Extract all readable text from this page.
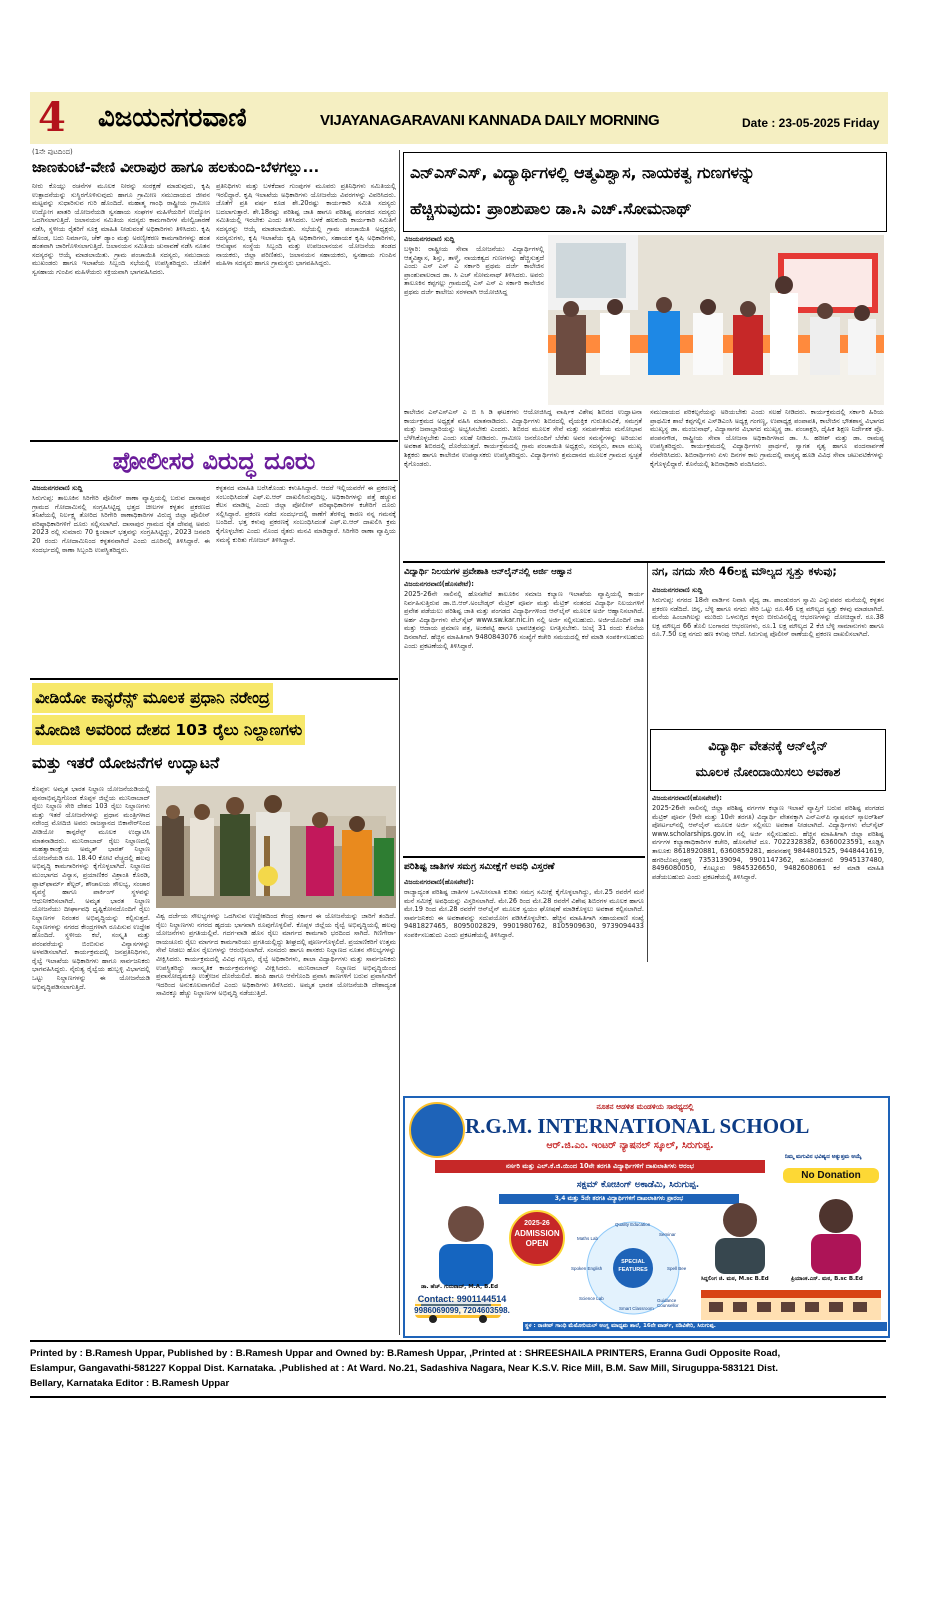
4 ವಿಜಯನಗರವಾಣಿ	VIJAYANAGARAVANI KANNADA DAILY MORNING	Date : 23-05-2025 Friday
(1ನೇ ಪುಟದಿಂದ)
ಜಾಣಕುಂಟೆ-ವೇಣಿ ವೀರಾಪುರ ಹಾಗೂ ಹಲಕುಂದಿ-ಬೆಳಗಲ್ಲು...
ನೀರು ಕೊಯ್ಲು ರಚನೆಗಳ ಮೂಲಕ ನೀರನ್ನು ಸಂರಕ್ಷಣೆ ಮಾಡುವುದು, ಕೃಷಿ ಉತ್ಪಾದನೆಯನ್ನು ಸುಸ್ಥಿರಗೊಳಿಸುವುದು ಹಾಗೂ ಗ್ರಾಮೀಣ ಸಮುದಾಯದ ಜೀವನ ಮಟ್ಟವನ್ನು ಸುಧಾರಿಸುವ ಗುರಿ ಹೊಂದಿದೆ. ಮಹಾತ್ಮ ಗಾಂಧಿ ರಾಷ್ಟ್ರೀಯ ಗ್ರಾಮೀಣ ಉದ್ಯೋಗ ಖಾತರಿ ಯೋಜನೆಯಡಿ ಸ್ವಸಹಾಯ ಸಂಘಗಳ ಮಹಿಳೆಯರಿಗೆ ಉದ್ಯೋಗ ಒದಗಿಸಲಾಗುತ್ತಿದೆ. ಜಲಾನಯನ ಸಮಿತಿಯ ಸದಸ್ಯರು ಕಾಮಗಾರಿಗಳ ಮೇಲ್ವಿಚಾರಣೆ ನಡೆಸಿ, ಸ್ಥಳೀಯ ರೈತರಿಗೆ ಸೂಕ್ತ ಮಾಹಿತಿ ನೀಡುವಂತೆ ಅಧಿಕಾರಿಗಳು ತಿಳಿಸಿದರು. ಕೃಷಿ ಹೊಂಡ, ಬದು ನಿರ್ಮಾಣ, ಚೆಕ್ ಡ್ಯಾಂ ಮತ್ತು ಅರಣ್ಯೀಕರಣ ಕಾಮಗಾರಿಗಳನ್ನು ಹಂತ ಹಂತವಾಗಿ ಜಾರಿಗೊಳಿಸಲಾಗುತ್ತಿದೆ. ಜಲಾನಯನ ಸಮಿತಿಯ ಚುನಾವಣೆ ನಡೆಸಿ ನೂತನ ಸದಸ್ಯರನ್ನು ಆಯ್ಕೆ ಮಾಡಲಾಯಿತು. ಗ್ರಾಮ ಪಂಚಾಯಿತಿ ಸದಸ್ಯರು, ಸಮುದಾಯ ಮುಖಂಡರು ಹಾಗೂ ಇಲಾಖೆಯ ಸಿಬ್ಬಂದಿ ಸಭೆಯಲ್ಲಿ ಉಪಸ್ಥಿತರಿದ್ದರು. ಜೊತೆಗೆ ಸ್ವಸಹಾಯ ಗುಂಪಿನ ಮಹಿಳೆಯರು ಸಕ್ರಿಯವಾಗಿ ಭಾಗವಹಿಸಿದರು.
ಪ್ರತಿನಿಧಿಗಳು ಮತ್ತು ಬಳಕೆದಾರ ಗುಂಪುಗಳ ಮೂವರು ಪ್ರತಿನಿಧಿಗಳು ಸಮಿತಿಯಲ್ಲಿ ಇರಲಿದ್ದಾರೆ. ಕೃಷಿ ಇಲಾಖೆಯ ಅಧಿಕಾರಿಗಳು ಯೋಜನೆಯ ವಿವರಗಳನ್ನು ವಿವರಿಸಿದರು. ಜೊತೆಗೆ ಪ್ರತಿ ವರ್ಷ ಕೂಡ ಶೇ.20ರಷ್ಟು ಕಾರ್ಯಕಾರಿ ಸಮಿತಿ ಸದಸ್ಯರು ಬದಲಾಗುತ್ತಾರೆ. ಶೇ.18ರಷ್ಟು ಪರಿಶಿಷ್ಟ ಜಾತಿ ಹಾಗೂ ಪರಿಶಿಷ್ಟ ಪಂಗಡದ ಸದಸ್ಯರು ಸಮಿತಿಯಲ್ಲಿ ಇರಬೇಕು ಎಂದು ತಿಳಿಸಿದರು. ಬಳಕೆ ಹಲಕುಂದಿ ಕಾರ್ಯಕಾರಿ ಸಮಿತಿಗೆ ಸದಸ್ಯರನ್ನು ಆಯ್ಕೆ ಮಾಡಲಾಯಿತು. ಸಭೆಯಲ್ಲಿ ಗ್ರಾಮ ಪಂಚಾಯಿತಿ ಅಧ್ಯಕ್ಷರು, ಸದಸ್ಯರುಗಳು, ಕೃಷಿ ಇಲಾಖೆಯ ಕೃಷಿ ಅಧಿಕಾರಿಗಳು, ಸಹಾಯಕ ಕೃಷಿ ಅಧಿಕಾರಿಗಳು, ಆನುಷ್ಠಾನ ಸಂಸ್ಥೆಯ ಸಿಬ್ಬಂದಿ ಮತ್ತು ಉಪಜಲಾನಯನ ಯೋಜನೆಯ ತಂಡದ ನಾಯಕರು, ಜಿಲ್ಲಾ ಪರಿಣಿತರು, ಜಲಾನಯನ ಸಹಾಯಕರು, ಸ್ವಸಹಾಯ ಗುಂಪಿನ ಮಹಿಳಾ ಸದಸ್ಯರು ಹಾಗೂ ಗ್ರಾಮಸ್ಥರು ಭಾಗವಹಿಸಿದ್ದರು.
ಪೋಲೀಸರ ವಿರುದ್ಧ ದೂರು
ವಿಜಯನಗರವಾಣಿ ಸುದ್ದಿ
ಸಿರುಗುಪ್ಪ: ತಾಲೂಕಿನ ಸಿರಿಗೇರಿ ಪೊಲೀಸ್ ಠಾಣಾ ವ್ಯಾಪ್ತಿಯಲ್ಲಿ ಬರುವ ದಾಸಾಪುರ ಗ್ರಾಮದ ಗೋದಾಮಿನಲ್ಲಿ ಸಂಗ್ರಹಿಸಿಟ್ಟಿದ್ದ ಭತ್ತದ ಚೀಲಗಳ ಕಳ್ಳತನ ಪ್ರಕರಣದ ತನಿಖೆಯಲ್ಲಿ ನಿರ್ಲಕ್ಷ್ಯ ತೋರಿದ ಸಿರಿಗೇರಿ ಠಾಣಾಧಿಕಾರಿಗಳ ವಿರುದ್ಧ ಜಿಲ್ಲಾ ಪೊಲೀಸ್ ವರಿಷ್ಠಾಧಿಕಾರಿಗಳಿಗೆ ದೂರು ಸಲ್ಲಿಸಲಾಗಿದೆ. ದಾಸಾಪುರ ಗ್ರಾಮದ ರೈತ ದೇವಪ್ಪ ಅವರು 2023 ರಲ್ಲಿ ಸುಮಾರು 70 ಕ್ವಿಂಟಾಲ್ ಭತ್ತವನ್ನು ಸಂಗ್ರಹಿಸಿಟ್ಟಿದ್ದು, 2023 ಜನವರಿ 20 ರಂದು ಗೋದಾಮಿನಿಂದ ಕಳ್ಳತನವಾಗಿದೆ ಎಂದು ದೂರಿನಲ್ಲಿ ತಿಳಿಸಿದ್ದಾರೆ. ಈ ಸಂದರ್ಭದಲ್ಲಿ ಠಾಣಾ ಸಿಬ್ಬಂದಿ ಉಪಸ್ಥಿತರಿದ್ದರು.
ಕಳ್ಳತನದ ಮಾಹಿತಿ ಬರೆಸಿಕೊಂಡು ಕಳುಹಿಸಿದ್ದಾರೆ. ಆದರೆ ಇಲ್ಲಿಯವರೆಗೆ ಈ ಪ್ರಕರಣಕ್ಕೆ ಸಂಬಂಧಿಸಿದಂತೆ ಎಫ್.ಐ.ಆರ್ ದಾಖಲಿಸಿರುವುದಿಲ್ಲ. ಅಧಿಕಾರಿಗಳನ್ನು ಪತ್ತೆ ಹಚ್ಚುವ ಕೆಲಸ ಮಾಡಿಲ್ಲ ಎಂದು ಜಿಲ್ಲಾ ಪೋಲೀಸ್ ವರಿಷ್ಠಾಧಿಕಾರಿಗಳ ಕಚೇರಿಗೆ ದೂರು ಸಲ್ಲಿಸಿದ್ದಾರೆ. ಪ್ರಕರಣ ನಡೆದ ಸಂದರ್ಭದಲ್ಲಿ ಠಾಣೆಗೆ ತೆರಳಿದ್ದ ಕಾರಣ ನನ್ನ ಗಮನಕ್ಕೆ ಬಂದಿದೆ. ಭತ್ತ ಕಳುವು ಪ್ರಕರಣಕ್ಕೆ ಸಂಬಂಧಿಸಿದಂತೆ ಎಫ್.ಐ.ಆರ್ ದಾಖಲಿಸಿ ಕ್ರಮ ಕೈಗೊಳ್ಳಬೇಕು ಎಂದು ನೊಂದ ರೈತರು ಮನವಿ ಮಾಡಿದ್ದಾರೆ. ಸಿರಿಗೇರಿ ಠಾಣಾ ವ್ಯಾಪ್ತಿಯ ಸಮಸ್ಯೆ ಕುರಿತು ಗೋಜಲ್ ತಿಳಿಸಿದ್ದಾರೆ.
ವೀಡಿಯೋ ಕಾನ್ಫರೆನ್ಸ್ ಮೂಲಕ ಪ್ರಧಾನಿ ನರೇಂದ್ರ
ಮೋದಿಜಿ ಅವರಿಂದ ದೇಶದ 103 ರೈಲು ನಿಲ್ದಾಣಗಳು
ಮತ್ತು ಇತರೆ ಯೋಜನೆಗಳ ಉದ್ಘಾಟನೆ
ಕೊಪ್ಪಳ: ಅಮೃತ ಭಾರತ ನಿಲ್ದಾಣ ಯೋಜನೆಯಡಿಯಲ್ಲಿ ಪುನರಾಭಿವೃದ್ಧಿಗೊಂಡ ಕೊಪ್ಪಳ ಜಿಲ್ಲೆಯ ಮುನಿರಾಬಾದ್ ರೈಲು ನಿಲ್ದಾಣ ಸೇರಿ ದೇಶದ 103 ರೈಲು ನಿಲ್ದಾಣಗಳು ಮತ್ತು ಇತರೆ ಯೋಜನೆಗಳನ್ನು ಪ್ರಧಾನ ಮಂತ್ರಿಗಳಾದ ನರೇಂದ್ರ ಮೋದಿಜಿ ಅವರು ರಾಜಸ್ಥಾನದ ಬಿಕಾನೇರ್‌ನಿಂದ ವೀಡಿಯೋ ಕಾನ್ಫರೆನ್ಸ್ ಮೂಲಕ ಉದ್ಘಾಟಿಸಿ ಮಾತನಾಡಿದರು. ಮುನಿರಾಬಾದ್ ರೈಲು ನಿಲ್ದಾಣದಲ್ಲಿ ಮಹತ್ವಾಕಾಂಕ್ಷೆಯ ಅಮೃತ್ ಭಾರತ್ ನಿಲ್ದಾಣ ಯೋಜನೆಯಡಿ ರೂ. 18.40 ಕೋಟಿ ವೆಚ್ಚದಲ್ಲಿ ಹಲವು ಅಭಿವೃದ್ಧಿ ಕಾಮಗಾರಿಗಳನ್ನು ಕೈಗೊಳ್ಳಲಾಗಿದೆ. ನಿಲ್ದಾಣದ ಮುಂಭಾಗದ ವಿನ್ಯಾಸ, ಪ್ರಯಾಣಿಕರ ವಿಶ್ರಾಂತಿ ಕೊಠಡಿ, ಪ್ಲಾಟ್‌ಫಾರ್ಮ್ ಶೆಲ್ಟರ್, ಶೌಚಾಲಯ ಸೌಲಭ್ಯ, ಸಂಚಾರ ವ್ಯವಸ್ಥೆ ಹಾಗೂ ಪಾರ್ಕಿಂಗ್ ಸ್ಥಳವನ್ನು ಆಧುನೀಕರಿಸಲಾಗಿದೆ. ಅಮೃತ ಭಾರತ ನಿಲ್ದಾಣ ಯೋಜನೆಯು ದೀರ್ಘಾವಧಿ ದೃಷ್ಟಿಕೋನದೊಂದಿಗೆ ರೈಲು ನಿಲ್ದಾಣಗಳ ನಿರಂತರ ಅಭಿವೃದ್ಧಿಯನ್ನು ಕಲ್ಪಿಸುತ್ತದೆ. ನಿಲ್ದಾಣಗಳನ್ನು ನಗರದ ಕೇಂದ್ರಗಳಾಗಿ ರೂಪಿಸುವ ಉದ್ದೇಶ ಹೊಂದಿದೆ. ಸ್ಥಳೀಯ ಕಲೆ, ಸಂಸ್ಕೃತಿ ಮತ್ತು ಪರಂಪರೆಯನ್ನು ಬಿಂಬಿಸುವ ವಿನ್ಯಾಸಗಳನ್ನು ಅಳವಡಿಸಲಾಗಿದೆ. ಕಾರ್ಯಕ್ರಮದಲ್ಲಿ ಜನಪ್ರತಿನಿಧಿಗಳು, ರೈಲ್ವೆ ಇಲಾಖೆಯ ಅಧಿಕಾರಿಗಳು ಹಾಗೂ ಸಾರ್ವಜನಿಕರು ಭಾಗವಹಿಸಿದ್ದರು. ನೈರುತ್ಯ ರೈಲ್ವೆಯ ಹುಬ್ಬಳ್ಳಿ ವಿಭಾಗದಲ್ಲಿ ಒಟ್ಟು ನಿಲ್ದಾಣಗಳನ್ನು ಈ ಯೋಜನೆಯಡಿ ಅಭಿವೃದ್ಧಿಪಡಿಸಲಾಗುತ್ತಿದೆ.
ವಿಶ್ವ ದರ್ಜೆಯ ಸೌಲಭ್ಯಗಳನ್ನು ಒದಗಿಸುವ ಉದ್ದೇಶದಿಂದ ಕೇಂದ್ರ ಸರ್ಕಾರ ಈ ಯೋಜನೆಯನ್ನು ಜಾರಿಗೆ ತಂದಿದೆ. ರೈಲು ನಿಲ್ದಾಣಗಳು ನಗರದ ಹೃದಯ ಭಾಗವಾಗಿ ರೂಪುಗೊಳ್ಳಲಿವೆ. ಕೊಪ್ಪಳ ಜಿಲ್ಲೆಯ ರೈಲ್ವೆ ಅಭಿವೃದ್ಧಿಯಲ್ಲಿ ಹಲವು ಯೋಜನೆಗಳು ಪ್ರಗತಿಯಲ್ಲಿವೆ. ಗದಗ-ವಾಡಿ ಹೊಸ ರೈಲು ಮಾರ್ಗದ ಕಾಮಗಾರಿ ಭರದಿಂದ ಸಾಗಿದೆ. ಗಿಣಿಗೇರಾ-ರಾಯಚೂರು ರೈಲು ಮಾರ್ಗದ ಕಾಮಗಾರಿಯು ಪ್ರಗತಿಯಲ್ಲಿದ್ದು ಶೀಘ್ರದಲ್ಲಿ ಪೂರ್ಣಗೊಳ್ಳಲಿದೆ. ಪ್ರಯಾಣಿಕರಿಗೆ ಉತ್ತಮ ಸೇವೆ ನೀಡಲು ಹೊಸ ರೈಲುಗಳನ್ನು ಆರಂಭಿಸಲಾಗಿದೆ. ಸಂಸದರು ಹಾಗೂ ಶಾಸಕರು ನಿಲ್ದಾಣದ ನೂತನ ಸೌಲಭ್ಯಗಳನ್ನು ವೀಕ್ಷಿಸಿದರು. ಕಾರ್ಯಕ್ರಮದಲ್ಲಿ ವಿವಿಧ ಗಣ್ಯರು, ರೈಲ್ವೆ ಅಧಿಕಾರಿಗಳು, ಶಾಲಾ ವಿದ್ಯಾರ್ಥಿಗಳು ಮತ್ತು ಸಾರ್ವಜನಿಕರು ಉಪಸ್ಥಿತರಿದ್ದು ಸಾಂಸ್ಕೃತಿಕ ಕಾರ್ಯಕ್ರಮಗಳನ್ನು ವೀಕ್ಷಿಸಿದರು. ಮುನಿರಾಬಾದ್ ನಿಲ್ದಾಣದ ಅಭಿವೃದ್ಧಿಯಿಂದ ಪ್ರವಾಸೋದ್ಯಮಕ್ಕೂ ಉತ್ತೇಜನ ದೊರೆಯಲಿದೆ. ಹಂಪಿ ಹಾಗೂ ಆನೆಗೊಂದಿ ಪ್ರವಾಸಿ ತಾಣಗಳಿಗೆ ಬರುವ ಪ್ರವಾಸಿಗರಿಗೆ ಇದರಿಂದ ಅನುಕೂಲವಾಗಲಿದೆ ಎಂದು ಅಧಿಕಾರಿಗಳು ತಿಳಿಸಿದರು. ಅಮೃತ ಭಾರತ ಯೋಜನೆಯಡಿ ದೇಶಾದ್ಯಂತ ಸಾವಿರಕ್ಕೂ ಹೆಚ್ಚು ನಿಲ್ದಾಣಗಳ ಅಭಿವೃದ್ಧಿ ನಡೆಯುತ್ತಿದೆ.
ಎನ್‌ಎಸ್‌ಎಸ್, ವಿದ್ಯಾರ್ಥಿಗಳಲ್ಲಿ ಆತ್ಮವಿಶ್ವಾಸ, ನಾಯಕತ್ವ ಗುಣಗಳನ್ನು
ಹೆಚ್ಚಿಸುವುದು: ಪ್ರಾಂಶುಪಾಲ ಡಾ.ಸಿ ಎಚ್.ಸೋಮನಾಥ್
ವಿಜಯನಗರವಾಣಿ ಸುದ್ದಿ
ಬಳ್ಳಾರಿ: ರಾಷ್ಟ್ರೀಯ ಸೇವಾ ಯೋಜನೆಯು ವಿದ್ಯಾರ್ಥಿಗಳಲ್ಲಿ ಆತ್ಮವಿಶ್ವಾಸ, ಶಿಸ್ತು, ತಾಳ್ಮೆ, ನಾಯಕತ್ವದ ಗುಣಗಳನ್ನು ಹೆಚ್ಚಿಸುತ್ತದೆ ಎಂದು ಎಸ್ ಎಸ್ ಎ ಸರ್ಕಾರಿ ಪ್ರಥಮ ದರ್ಜೆ ಕಾಲೇಜಿನ ಪ್ರಾಂಶುಪಾಲರಾದ ಡಾ. ಸಿ ಎಚ್ ಸೋಮನಾಥ್ ತಿಳಿಸಿದರು. ಅವರು ತಾಲೂಕಿನ ಕಪ್ಪಗಲ್ಲು ಗ್ರಾಮದಲ್ಲಿ ಎಸ್ ಎಸ್ ಎ ಸರ್ಕಾರಿ ಕಾಲೇಜಿನ ಪ್ರಥಮ ದರ್ಜೆ ಕಾಲೇಜು ಸರಳವಾಗಿ ಆಯೋಜಿಸಿದ್ದ
ಕಾಲೇಜಿನ ಎನ್‌ಎಸ್‌ಎಸ್ ಎ ಬಿ ಸಿ ಡಿ ಘಟಕಗಳು ಆಯೋಜಿಸಿದ್ದ ವಾರ್ಷಿಕ ವಿಶೇಷ ಶಿಬಿರದ ಉದ್ಘಾಟನಾ ಕಾರ್ಯಕ್ರಮದ ಅಧ್ಯಕ್ಷತೆ ವಹಿಸಿ ಮಾತನಾಡಿದರು. ವಿದ್ಯಾರ್ಥಿಗಳು ಶಿಬಿರದಲ್ಲಿ ವೈಯಕ್ತಿಕ ಗುರುತಿಸುವಿಕೆ, ಸಮಗ್ರತೆ ಮತ್ತು ಜವಾಬ್ದಾರಿಯನ್ನು ಅಭ್ಯಸಿಸಬೇಕು ಎಂದರು. ಶಿಬಿರದ ಮೂಲಕ ಸೇವೆ ಮತ್ತು ಸಮರ್ಪಣೆಯ ಮನೋಭಾವ ಬೆಳೆಸಿಕೊಳ್ಳಬೇಕು ಎಂದು ಸಲಹೆ ನೀಡಿದರು. ಗ್ರಾಮೀಣ ಜನರೊಂದಿಗೆ ಬೆರೆತು ಅವರ ಸಮಸ್ಯೆಗಳನ್ನು ಅರಿಯುವ ಅವಕಾಶ ಶಿಬಿರದಲ್ಲಿ ದೊರೆಯುತ್ತದೆ. ಕಾರ್ಯಕ್ರಮದಲ್ಲಿ ಗ್ರಾಮ ಪಂಚಾಯಿತಿ ಅಧ್ಯಕ್ಷರು, ಸದಸ್ಯರು, ಶಾಲಾ ಮುಖ್ಯ ಶಿಕ್ಷಕರು ಹಾಗೂ ಕಾಲೇಜಿನ ಉಪನ್ಯಾಸಕರು ಉಪಸ್ಥಿತರಿದ್ದರು. ವಿದ್ಯಾರ್ಥಿಗಳು ಶ್ರಮದಾನದ ಮೂಲಕ ಗ್ರಾಮದ ಸ್ವಚ್ಛತೆ ಕೈಗೊಂಡರು.
ಸಮುದಾಯದ ಪರಿಕಲ್ಪನೆಯನ್ನು ಅರಿಯಬೇಕು ಎಂದು ಸಲಹೆ ನೀಡಿದರು. ಕಾರ್ಯಕ್ರಮದಲ್ಲಿ ಸರ್ಕಾರಿ ಹಿರಿಯ ಪ್ರಾಥಮಿಕ ಶಾಲೆ ಕಪ್ಪಗಲ್ಲಿನ ಎಸ್‌ಡಿಎಂಸಿ ಅಧ್ಯಕ್ಷ ಗಂಗಣ್ಣ, ಉಪಾಧ್ಯಕ್ಷ ಪಂಪಾಪತಿ, ಕಾಲೇಜಿನ ಭೌತಶಾಸ್ತ್ರ ವಿಭಾಗದ ಮುಖ್ಯಸ್ಥ ಡಾ. ಮಂಜುನಾಥ್, ವಿದ್ಯಾಸಾಗರ ವಿಭಾಗದ ಮುಖ್ಯಸ್ಥ ಡಾ. ಪಂಚಾಕ್ಷರಿ, ದೈಹಿಕ ಶಿಕ್ಷಣ ನಿರ್ದೇಶಕ ಪ್ರೊ. ಪಂಪನಗೌಡ, ರಾಷ್ಟ್ರೀಯ ಸೇವಾ ಯೋಜನಾ ಅಧಿಕಾರಿಗಳಾದ ಡಾ. ಸಿ. ಹರೀಶ್ ಮತ್ತು ಡಾ. ರಾಮಪ್ಪ ಉಪಸ್ಥಿತರಿದ್ದರು. ಕಾರ್ಯಕ್ರಮದಲ್ಲಿ ವಿದ್ಯಾರ್ಥಿಗಳು ಪ್ರಾರ್ಥನೆ, ಸ್ವಾಗತ ನೃತ್ಯ ಹಾಗೂ ವಂದನಾರ್ಪಣೆ ನೆರವೇರಿಸಿದರು. ಶಿಬಿರಾರ್ಥಿಗಳು ಏಳು ದಿನಗಳ ಕಾಲ ಗ್ರಾಮದಲ್ಲಿ ವಾಸ್ತವ್ಯ ಹೂಡಿ ವಿವಿಧ ಸೇವಾ ಚಟುವಟಿಕೆಗಳನ್ನು ಕೈಗೊಳ್ಳಲಿದ್ದಾರೆ. ಕೊನೆಯಲ್ಲಿ ಶಿಬಿರಾಧಿಕಾರಿ ವಂದಿಸಿದರು.
ವಿದ್ಯಾರ್ಥಿ ನಿಲಯಗಳ ಪ್ರವೇಶಾತಿ ಆನ್‌ಲೈನ್‌ನಲ್ಲಿ ಅರ್ಜಿ ಆಹ್ವಾನ
ವಿಜಯನಗರವಾಣಿ(ಹೊಸಪೇಟೆ):
2025-26ನೇ ಸಾಲಿನಲ್ಲಿ ಹೊಸಪೇಟೆ ತಾಲೂಕಿನ ಸಮಾಜ ಕಲ್ಯಾಣ ಇಲಾಖೆಯ ವ್ಯಾಪ್ತಿಯಲ್ಲಿ ಕಾರ್ಯ ನಿರ್ವಹಿಸುತ್ತಿರುವ ಡಾ.ಬಿ.ಆರ್.ಅಂಬೇಡ್ಕರ್ ಮೆಟ್ರಿಕ್ ಪೂರ್ವ ಮತ್ತು ಮೆಟ್ರಿಕ್ ನಂತರದ ವಿದ್ಯಾರ್ಥಿ ನಿಲಯಗಳಿಗೆ ಪ್ರವೇಶ ಪಡೆಯಲು ಪರಿಶಿಷ್ಟ ಜಾತಿ ಮತ್ತು ಪಂಗಡದ ವಿದ್ಯಾರ್ಥಿಗಳಿಂದ ಆನ್‌ಲೈನ್ ಮೂಲಕ ಅರ್ಜಿ ಆಹ್ವಾನಿಸಲಾಗಿದೆ. ಅರ್ಹ ವಿದ್ಯಾರ್ಥಿಗಳು ವೆಬ್‌ಸೈಟ್ www.sw.kar.nic.in ನಲ್ಲಿ ಅರ್ಜಿ ಸಲ್ಲಿಸಬಹುದು. ಅರ್ಜಿಯೊಂದಿಗೆ ಜಾತಿ ಮತ್ತು ಆದಾಯ ಪ್ರಮಾಣ ಪತ್ರ, ಅಂಕಪಟ್ಟಿ ಹಾಗೂ ಭಾವಚಿತ್ರವನ್ನು ಲಗತ್ತಿಸಬೇಕು. ಜುಲೈ 31 ರಂದು ಕೊನೆಯ ದಿನವಾಗಿದೆ. ಹೆಚ್ಚಿನ ಮಾಹಿತಿಗಾಗಿ 9480843076 ಸಂಖ್ಯೆಗೆ ಕಚೇರಿ ಸಮಯದಲ್ಲಿ ಕರೆ ಮಾಡಿ ಸಂಪರ್ಕಿಸಬಹುದು ಎಂದು ಪ್ರಕಟಣೆಯಲ್ಲಿ ತಿಳಿಸಿದ್ದಾರೆ.
ನಗ, ನಗದು ಸೇರಿ 46ಲಕ್ಷ ಮೌಲ್ಯದ ಸ್ವತ್ತು ಕಳುವು;
ವಿಜಯನಗರವಾಣಿ ಸುದ್ದಿ
ಸಿರುಗುಪ್ಪ: ನಗರದ 18ನೇ ವಾರ್ಡಿನ ನಿವಾಸಿ ವೈದ್ಯ ಡಾ. ಪಾಂಡುರಂಗ ಸ್ವಾಮಿ ಎನ್ನುವವರ ಮನೆಯಲ್ಲಿ ಕಳ್ಳತನ ಪ್ರಕರಣ ನಡೆದಿದೆ. ಚಿನ್ನ, ಬೆಳ್ಳಿ ಹಾಗೂ ನಗದು ಸೇರಿ ಒಟ್ಟು ರೂ.46 ಲಕ್ಷ ಮೌಲ್ಯದ ಸ್ವತ್ತು ಕಳವು ಮಾಡಲಾಗಿದೆ. ಮನೆಯ ಹಿಂಬಾಗಿಲನ್ನು ಮುರಿದು ಒಳನುಗ್ಗಿದ ಕಳ್ಳರು ಬೀರುವಿನಲ್ಲಿದ್ದ ಆಭರಣಗಳನ್ನು ದೋಚಿದ್ದಾರೆ. ರೂ.38 ಲಕ್ಷ ಮೌಲ್ಯದ 66 ತೊಲಿ ಬಂಗಾರದ ಆಭರಣಗಳು, ರೂ.1 ಲಕ್ಷ ಮೌಲ್ಯದ 2 ಕೆಜಿ ಬೆಳ್ಳಿ ಸಾಮಾನುಗಳು ಹಾಗೂ ರೂ.7.50 ಲಕ್ಷ ನಗದು ಹಣ ಕಳುವು ಆಗಿದೆ. ಸಿರುಗುಪ್ಪ ಪೊಲೀಸ್ ಠಾಣೆಯಲ್ಲಿ ಪ್ರಕರಣ ದಾಖಲಿಸಲಾಗಿದೆ.
ವಿದ್ಯಾರ್ಥಿ ವೇತನಕ್ಕೆ ಆನ್‌ಲೈನ್
ಮೂಲಕ ನೋಂದಾಯಿಸಲು ಅವಕಾಶ
ವಿಜಯನಗರವಾಣಿ(ಹೊಸಪೇಟೆ):
2025-26ನೇ ಸಾಲಿನಲ್ಲಿ ಜಿಲ್ಲಾ ಪರಿಶಿಷ್ಟ ವರ್ಗಗಳ ಕಲ್ಯಾಣ ಇಲಾಖೆ ವ್ಯಾಪ್ತಿಗೆ ಬರುವ ಪರಿಶಿಷ್ಟ ಪಂಗಡದ ಮೆಟ್ರಿಕ್ ಪೂರ್ವ (9ನೇ ಮತ್ತು 10ನೇ ತರಗತಿ) ವಿದ್ಯಾರ್ಥಿ ವೇತನಕ್ಕಾಗಿ ಎನ್‌ಎಸ್‌ಪಿ ನ್ಯಾಷನಲ್ ಸ್ಕಾಲರ್‌ಶಿಪ್ ಪೋರ್ಟಲ್‌ನಲ್ಲಿ ಆನ್‌ಲೈನ್ ಮೂಲಕ ಅರ್ಜಿ ಸಲ್ಲಿಸಲು ಅವಕಾಶ ನೀಡಲಾಗಿದೆ. ವಿದ್ಯಾರ್ಥಿಗಳು ವೆಬ್‌ಸೈಟ್ www.scholarships.gov.in ನಲ್ಲಿ ಅರ್ಜಿ ಸಲ್ಲಿಸಬಹುದು. ಹೆಚ್ಚಿನ ಮಾಹಿತಿಗಾಗಿ ಜಿಲ್ಲಾ ಪರಿಶಿಷ್ಟ ವರ್ಗಗಳ ಕಲ್ಯಾಣಾಧಿಕಾರಿಗಳ ಕಚೇರಿ, ಹೊಸಪೇಟೆ ದೂ. 7022328382, 6360023591, ಕೂಡ್ಲಿಗಿ ತಾಲೂಕು 8618920881, 6360859281, ಹರಪನಹಳ್ಳಿ 9844801525, 9448441619, ಹಗರಿಬೊಮ್ಮನಹಳ್ಳಿ 7353139094, 9901147362, ಹೂವಿನಹಡಗಲಿ 9945137480, 8496080050, ಕೊಟ್ಟೂರು 9845326650, 9482608061 ಕರೆ ಮಾಡಿ ಮಾಹಿತಿ ಪಡೆಯಬಹುದು ಎಂದು ಪ್ರಕಟಣೆಯಲ್ಲಿ ತಿಳಿಸಿದ್ದಾರೆ.
ಪರಿಶಿಷ್ಟ ಜಾತಿಗಳ ಸಮಗ್ರ ಸಮೀಕ್ಷೆಗೆ ಅವಧಿ ವಿಸ್ತರಣೆ
ವಿಜಯನಗರವಾಣಿ(ಹೊಸಪೇಟೆ):
ರಾಜ್ಯಾದ್ಯಂತ ಪರಿಶಿಷ್ಟ ಜಾತಿಗಳ ಒಳಮೀಸಲಾತಿ ಕುರಿತು ಸಮಗ್ರ ಸಮೀಕ್ಷೆ ಕೈಗೊಳ್ಳಲಾಗಿದ್ದು, ಮೇ.25 ರವರೆಗೆ ಮನೆ ಮನೆ ಸಮೀಕ್ಷೆ ಅವಧಿಯನ್ನು ವಿಸ್ತರಿಸಲಾಗಿದೆ. ಮೇ.26 ರಿಂದ ಮೇ.28 ರವರೆಗೆ ವಿಶೇಷ ಶಿಬಿರಗಳ ಮೂಲಕ ಹಾಗೂ ಮೇ.19 ರಿಂದ ಮೇ.28 ರವರೆಗೆ ಆನ್‌ಲೈನ್ ಮೂಲಕ ಸ್ವಯಂ ಘೋಷಣೆ ಮಾಡಿಕೊಳ್ಳಲು ಅವಕಾಶ ಕಲ್ಪಿಸಲಾಗಿದೆ. ಸಾರ್ವಜನಿಕರು ಈ ಅವಕಾಶವನ್ನು ಸದುಪಯೋಗ ಪಡಿಸಿಕೊಳ್ಳಬೇಕು. ಹೆಚ್ಚಿನ ಮಾಹಿತಿಗಾಗಿ ಸಹಾಯವಾಣಿ ಸಂಖ್ಯೆ 9481827465, 8095002829, 9901980762, 8105909630, 9739094433 ಸಂಪರ್ಕಿಸಬಹುದು ಎಂದು ಪ್ರಕಟಣೆಯಲ್ಲಿ ತಿಳಿಸಿದ್ದಾರೆ.
ನೂತನ ಆಡಳಿತ ಮಂಡಳಿಯ ಸಾರಥ್ಯದಲ್ಲಿ
R.G.M. INTERNATIONAL SCHOOL
ಆರ್.ಜಿ.ಎಂ. ಇಂಟರ್ ನ್ಯಾಷನಲ್ ಸ್ಕೂಲ್, ಸಿರುಗುಪ್ಪ.
ನಿಮ್ಮ ಮಗುವಿನ ಭವಿಷ್ಯದ ಅತ್ಯುತ್ತಮ ಆಯ್ಕೆ
ನರ್ಸರಿ ಮತ್ತು ಎಲ್.ಕೆ.ಜಿ.ಯಿಂದ 10ನೇ ತರಗತಿ ವಿದ್ಯಾರ್ಥಿಗಳಿಗೆ ದಾಖಲಾತಿಗಳು ಆರಂಭ
No Donation
ಸಕ್ಷಮ್ ಕೋಚಿಂಗ್ ಅಕಾಡೆಮಿ, ಸಿರುಗುಪ್ಪ.
3,4 ಮತ್ತು 5ನೇ ತರಗತಿ ವಿದ್ಯಾರ್ಥಿಗಳಿಗೆ ದಾಖಲಾತಿಗಳು ಪ್ರಾರಂಭ
2025-26
ADMISSION OPEN
SPECIAL FEATURES
Quality Education
Seminar
Maths Lab
Spoken English	Spell Bee
Science Lab
Smart Classroom
Guidance Counsellor
ಡಾ. ಹೆಚ್. ಗುರುಪಾದ್, M.A, B.Ed
ಸಿದ್ದಲಿಂಗ ಜಿ. ಮಠ, M.sc B.Ed	ಪ್ರಿಯಾಂಕ.ಎನ್. ಮಠ, B.sc B.Ed
Contact: 9901144514
9986069099, 7204603598.
ಸ್ಥಳ : ರಾಜೀವ್ ಗಾಂಧಿ ಮೆಮೋರಿಯಲ್ ಆಂಗ್ಲ ಮಾಧ್ಯಮ ಶಾಲೆ, 16ನೇ ವಾರ್ಡ್, ನಡಿವಿಕೇರಿ, ಸಿರುಗುಪ್ಪ.
Printed by : B.Ramesh Uppar, Published by : B.Ramesh Uppar and Owned by: B.Ramesh Uppar, ,Printed at : SHREESHAILA PRINTERS, Eranna Gudi Opposite Road,
Eslampur, Gangavathi-581227 Koppal Dist. Karnataka. ,Published at : At Ward. No.21, Sadashiva Nagara, Near K.S.V. Rice Mill, B.M. Saw Mill, Siruguppa-583121 Dist.
Bellary, Karnataka Editor : B.Ramesh Uppar
